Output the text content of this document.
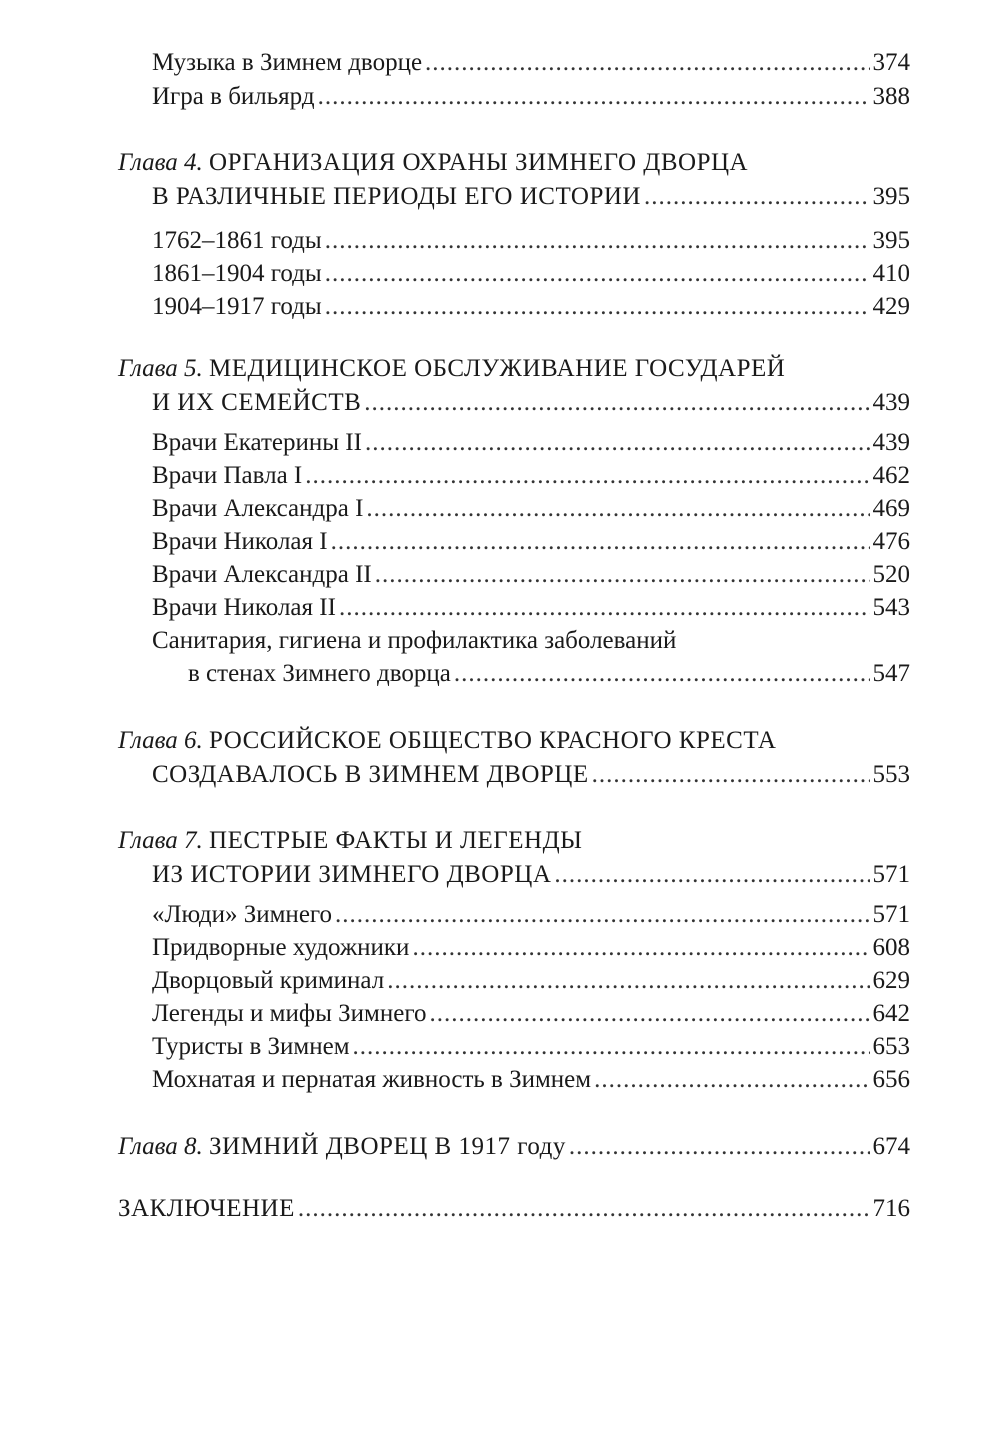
Музыка в Зимнем дворце .....	374
Игра в бильярд .....	388
Глава 4. ОРГАНИЗАЦИЯ ОХРАНЫ ЗИМНЕГО ДВОРЦА
В РАЗЛИЧНЫЕ ПЕРИОДЫ ЕГО ИСТОРИИ .....	395
1762–1861 годы .....	395
1861–1904 годы .....	410
1904–1917 годы .....	429
Глава 5. МЕДИЦИНСКОЕ ОБСЛУЖИВАНИЕ ГОСУДАРЕЙ
И ИХ СЕМЕЙСТВ .....	439
Врачи Екатерины II .....	439
Врачи Павла I .....	462
Врачи Александра I .....	469
Врачи Николая I .....	476
Врачи Александра II .....	520
Врачи Николая II .....	543
Санитария, гигиена и профилактика заболеваний
в стенах Зимнего дворца .....	547
Глава 6. РОССИЙСКОЕ ОБЩЕСТВО КРАСНОГО КРЕСТА
СОЗДАВАЛОСЬ В ЗИМНЕМ ДВОРЦЕ .....	553
Глава 7. ПЕСТРЫЕ ФАКТЫ И ЛЕГЕНДЫ
ИЗ ИСТОРИИ ЗИМНЕГО ДВОРЦА .....	571
«Люди» Зимнего .....	571
Придворные художники .....	608
Дворцовый криминал .....	629
Легенды и мифы Зимнего .....	642
Туристы в Зимнем .....	653
Мохнатая и пернатая живность в Зимнем .....	656
Глава 8. ЗИМНИЙ ДВОРЕЦ В 1917 году .....	674
ЗАКЛЮЧЕНИЕ .....	716
